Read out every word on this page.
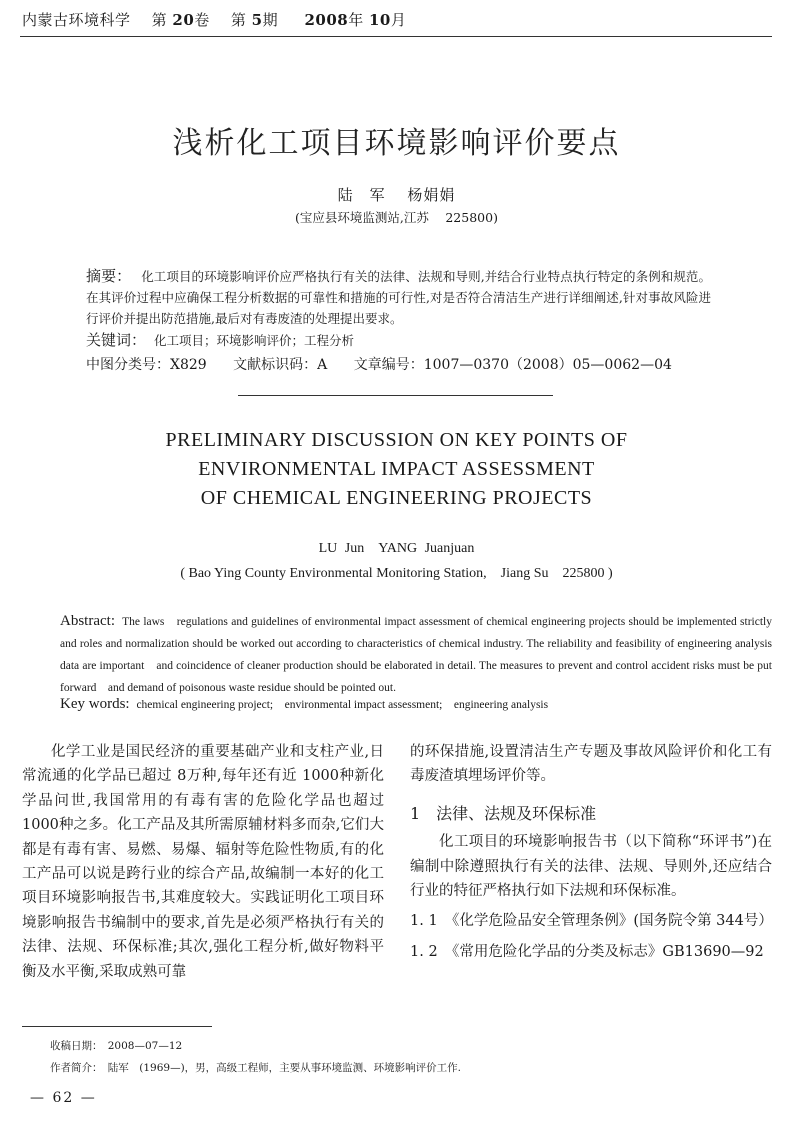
内蒙古环境科学 第 20卷 第 5期 2008年 10月
浅析化工项目环境影响评价要点
陆　军　 杨娟娟
(宝应县环境监测站,江苏　 225800)
摘要： 化工项目的环境影响评价应严格执行有关的法律、法规和导则,并结合行业特点执行特定的条例和规范。在其评价过程中应确保工程分析数据的可靠性和措施的可行性,对是否符合清洁生产进行详细阐述,针对事故风险进行评价并提出防范措施,最后对有毒废渣的处理提出要求。
关键词： 化工项目；环境影响评价；工程分析
中图分类号：X829 文献标识码：A 文章编号：1007—0370（2008）05—0062—04
PRELIMINARY DISCUSSION ON KEY POINTS OF
ENVIRONMENTAL IMPACT ASSESSMENT
OF CHEMICAL ENGINEERING PROJECTS
LU Jun　YANG Juanjuan
( Bao Ying County Environmental Monitoring Station,　Jiang Su　225800 )
Abstract: The laws　regulations and guidelines of environmental impact assessment of chemical engineering projects should be implemented strictly　and roles and normalization should be worked out according to characteristics of chemical industry. The reliability and feasibility of engineering analysis data are important　and coincidence of cleaner production should be elaborated in detail. The measures to prevent and control accident risks must be put forward　and demand of poisonous waste residue should be pointed out.
Key words: chemical engineering project;　environmental impact assessment;　engineering analysis

化学工业是国民经济的重要基础产业和支柱产业,日常流通的化学品已超过 8万种,每年还有近 1000种新化学品问世,我国常用的有毒有害的危险化学品也超过 1000种之多。化工产品及其所需原辅材料多而杂,它们大都是有毒有害、易燃、易爆、辐射等危险性物质,有的化工产品可以说是跨行业的综合产品,故编制一本好的化工项目环境影响报告书,其难度较大。实践证明化工项目环境影响报告书编制中的要求,首先是必须严格执行有关的法律、法规、环保标准;其次,强化工程分析,做好物料平衡及水平衡,采取成熟可靠

的环保措施,设置清洁生产专题及事故风险评价和化工有毒废渣填埋场评价等。

1　法律、法规及环保标准

化工项目的环境影响报告书（以下简称“环评书”)在编制中除遵照执行有关的法律、法规、导则外,还应结合行业的特征严格执行如下法规和环保标准。

1. 1　《化学危险品安全管理条例》(国务院令第 344号）

1. 2　《常用危险化学品的分类及标志》GB13690—92

收稿日期：　2008—07—12

作者简介：　陆军　(1969—)，男，高级工程师，主要从事环境监测、环境影响评价工作.

— 62 —
